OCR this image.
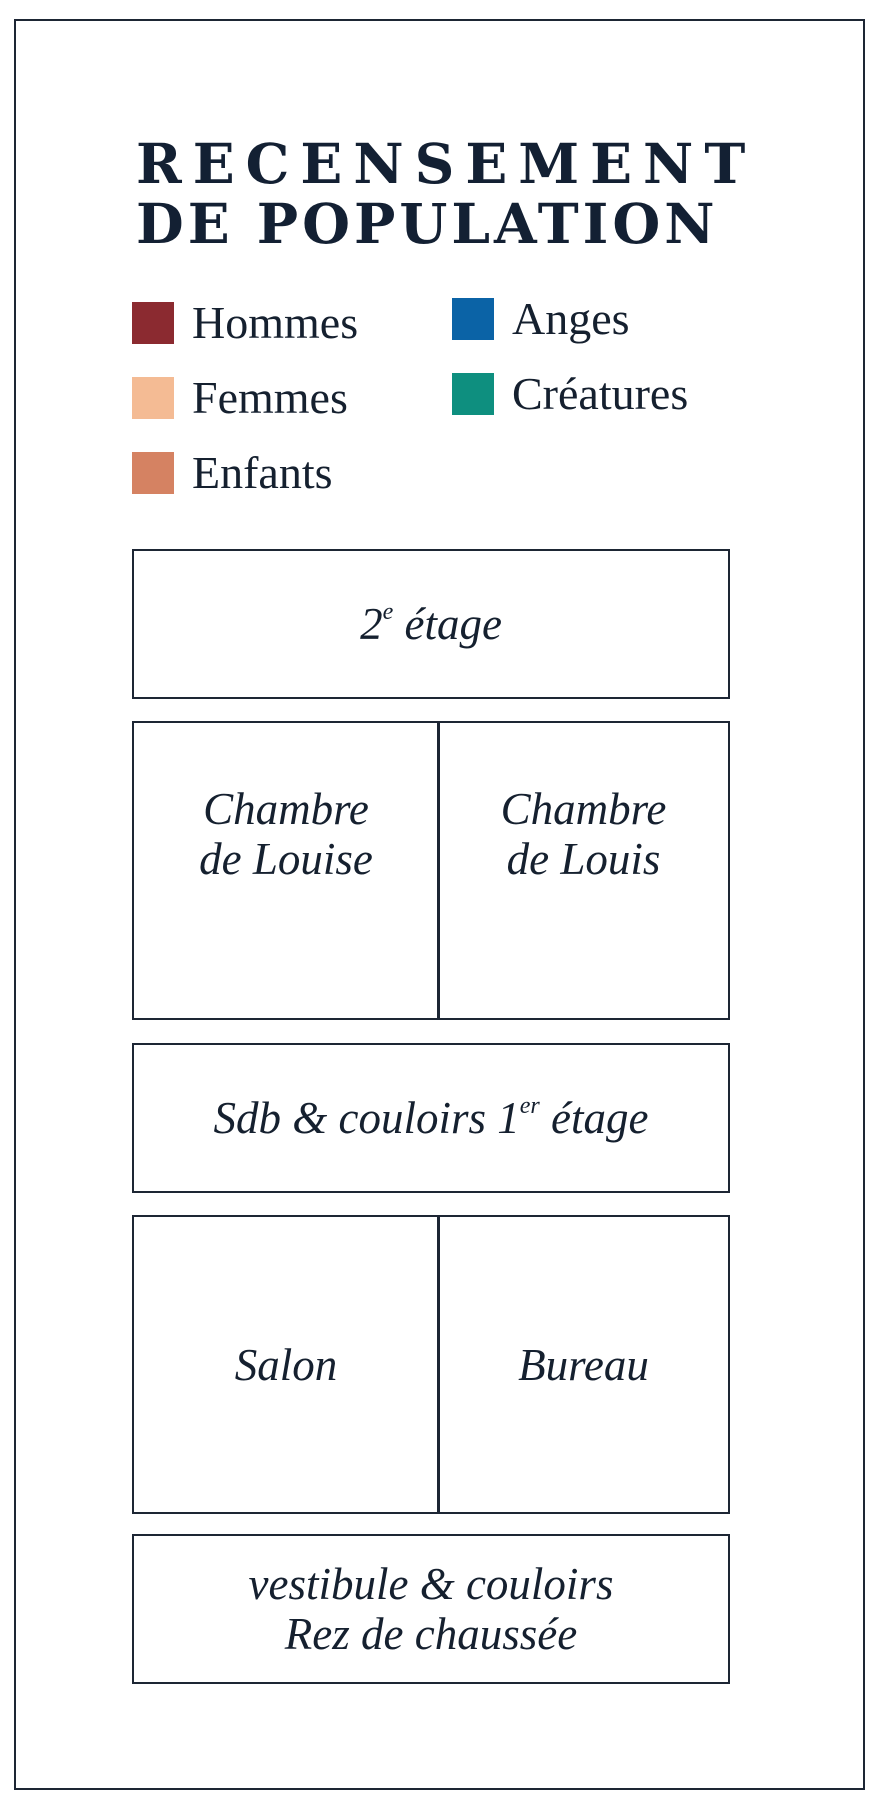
RECENSEMENT
DE POPULATION
Hommes
Femmes
Enfants
Anges
Créatures
2e étage
Chambre
de Louise
Chambre
de Louis
Sdb & couloirs 1er étage
Salon	Bureau
vestibule & couloirs
Rez de chaussée
